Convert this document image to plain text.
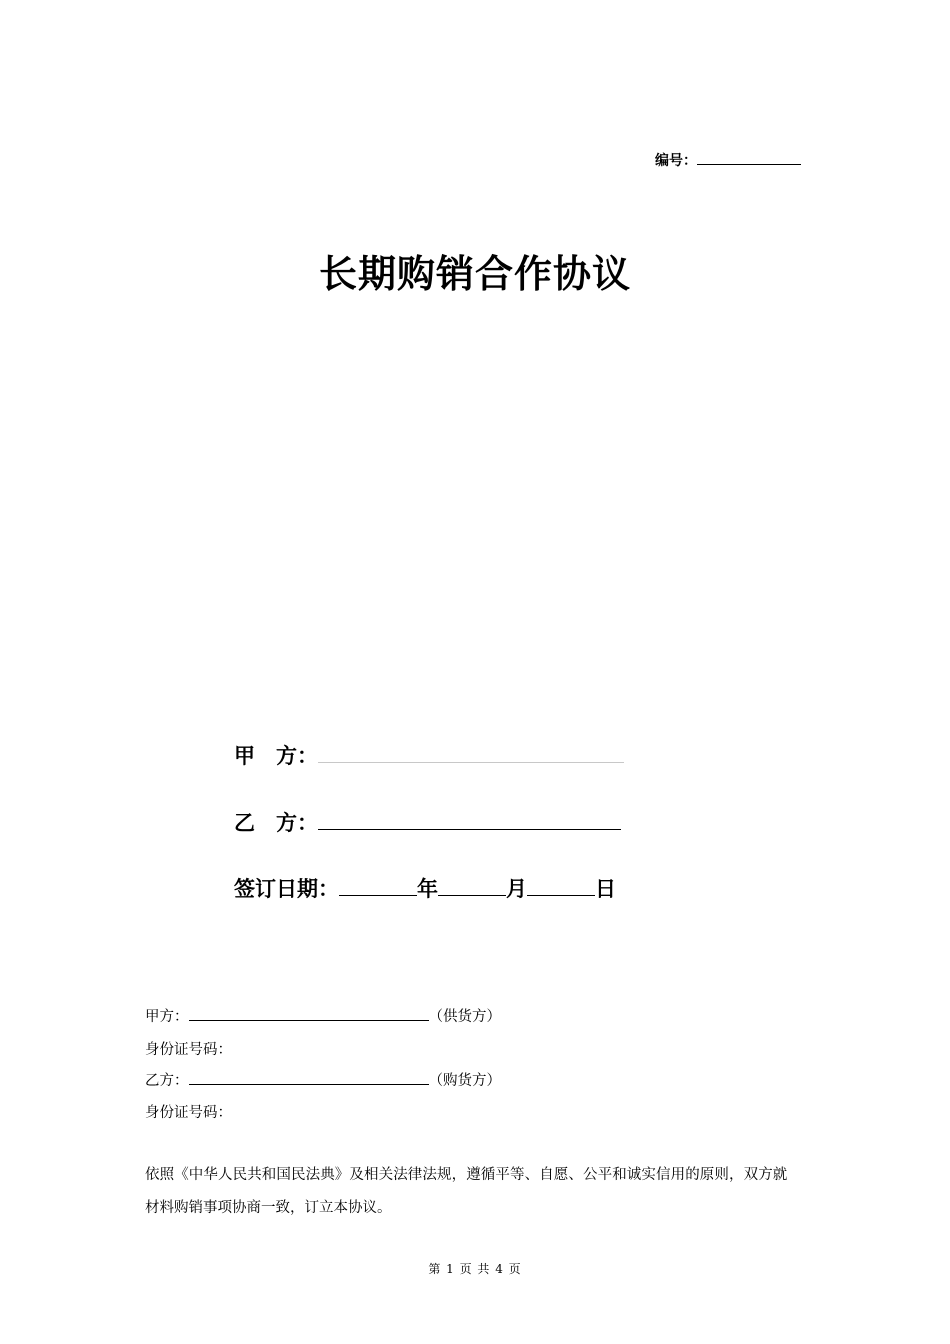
编号：
长期购销合作协议
甲　方：
乙　方：
签订日期：	年	月	日
甲方：	（供货方）
身份证号码：
乙方：	（购货方）
身份证号码：
依照《中华人民共和国民法典》及相关法律法规，遵循平等、自愿、公平和诚实信用的原则，双方就
材料购销事项协商一致，订立本协议。
第 1 页 共 4 页
